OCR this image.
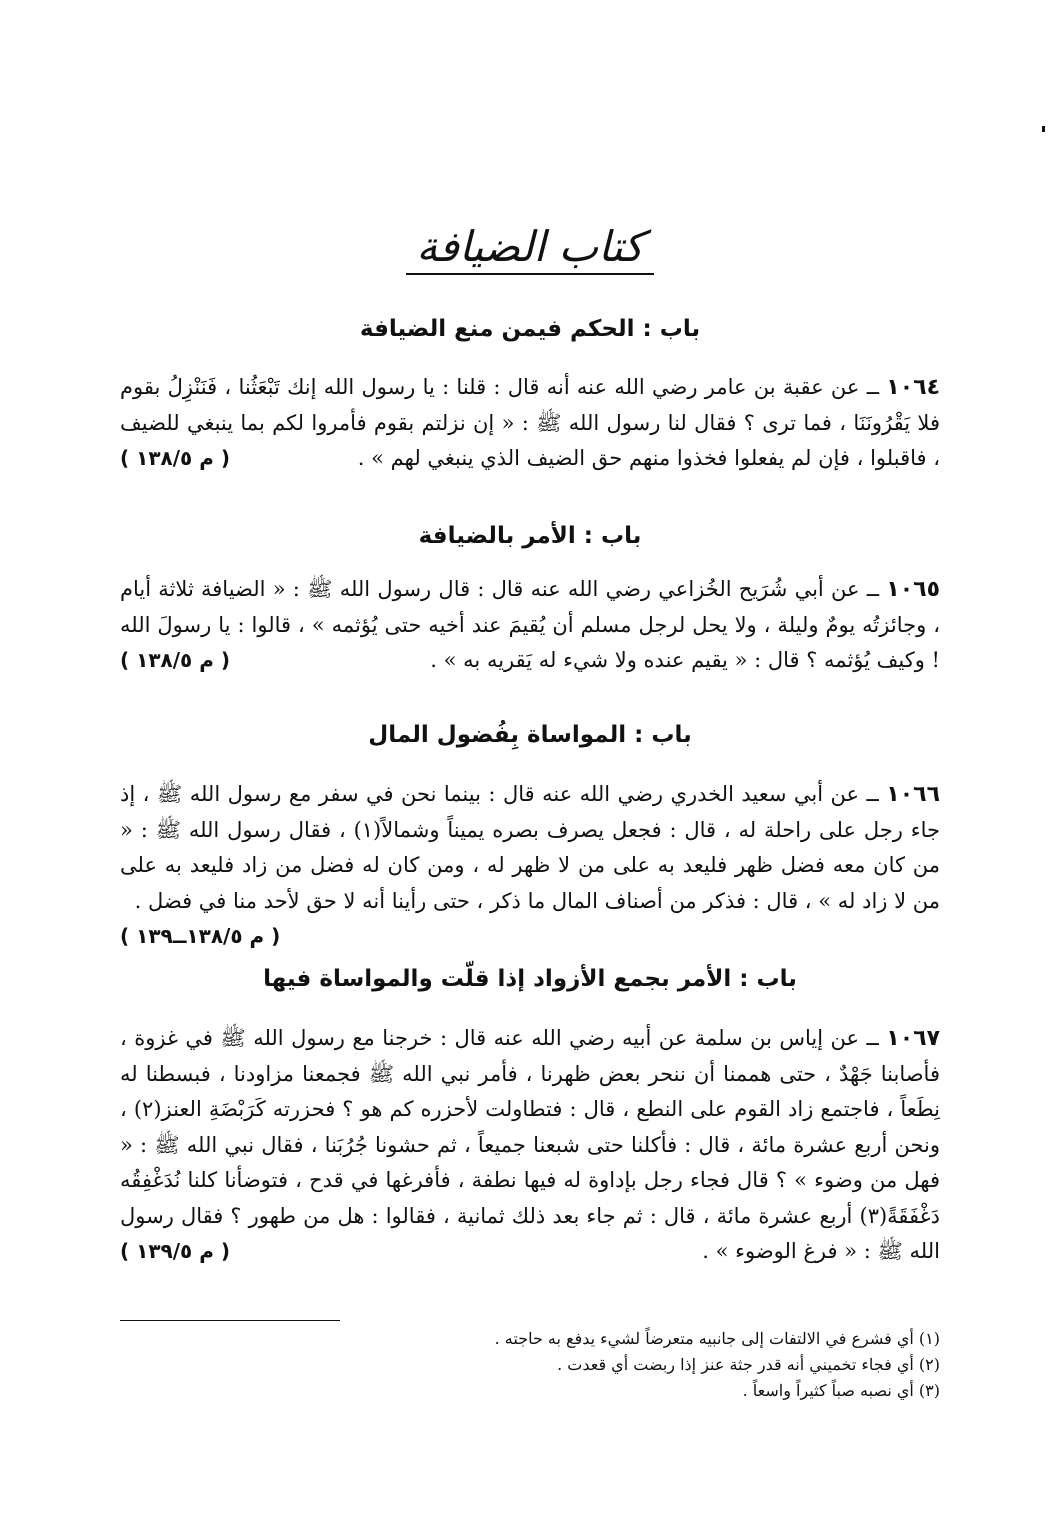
كتاب الضيافة
باب : الحكم فيمن منع الضيافة
١٠٦٤ ــ عن عقبة بن عامر رضي الله عنه أنه قال : قلنا : يا رسول الله إنك تَبْعَثُنا ، فَنَنْزِلُ بقوم فلا يَقْرُونَنَا ، فما ترى ؟ فقال لنا رسول الله ﷺ : « إن نزلتم بقوم فأمروا لكم بما ينبغي للضيف ، فاقبلوا ، فإن لم يفعلوا فخذوا منهم حق الضيف الذي ينبغي لهم » .
( م ١٣٨/٥ )
باب : الأمر بالضيافة
١٠٦٥ ــ عن أبي شُرَيح الخُزاعي رضي الله عنه قال : قال رسول الله ﷺ : « الضيافة ثلاثة أيام ، وجائزتُه يومٌ وليلة ، ولا يحل لرجل مسلم أن يُقيمَ عند أخيه حتى يُؤثمه » ، قالوا : يا رسولَ الله ! وكيف يُؤثمه ؟ قال : « يقيم عنده ولا شيء له يَقريه به » .
( م ١٣٨/٥ )
باب : المواساة بِفُضول المال
١٠٦٦ ــ عن أبي سعيد الخدري رضي الله عنه قال : بينما نحن في سفر مع رسول الله ﷺ ، إذ جاء رجل على راحلة له ، قال : فجعل يصرف بصره يميناً وشمالاً(١) ، فقال رسول الله ﷺ : « من كان معه فضل ظهر فليعد به على من لا ظهر له ، ومن كان له فضل من زاد فليعد به على من لا زاد له » ، قال : فذكر من أصناف المال ما ذكر ، حتى رأينا أنه لا حق لأحد منا في فضل .
( م ١٣٨/٥ــ١٣٩ )
باب : الأمر بجمع الأزواد إذا قلّت والمواساة فيها
١٠٦٧ ــ عن إياس بن سلمة عن أبيه رضي الله عنه قال : خرجنا مع رسول الله ﷺ في غزوة ، فأصابنا جَهْدٌ ، حتى هممنا أن ننحر بعض ظهرنا ، فأمر نبي الله ﷺ فجمعنا مزاودنا ، فبسطنا له نِطَعاً ، فاجتمع زاد القوم على النطع ، قال : فتطاولت لأحزره كم هو ؟ فحزرته كَرَبْضَةِ العنز(٢) ، ونحن أربع عشرة مائة ، قال : فأكلنا حتى شبعنا جميعاً ، ثم حشونا جُرُبَنا ، فقال نبي الله ﷺ : « فهل من وضوء » ؟ قال فجاء رجل بإداوة له فيها نطفة ، فأفرغها في قدح ، فتوضأنا كلنا نُدَغْفِقُه دَغْفَقَةً(٣) أربع عشرة مائة ، قال : ثم جاء بعد ذلك ثمانية ، فقالوا : هل من طهور ؟ فقال رسول الله ﷺ : « فرغ الوضوء » .
( م ١٣٩/٥ )
(١) أي فشرع في الالتفات إلى جانبيه متعرضاً لشيء يدفع به حاجته .
(٢) أي فجاء تخميني أنه قدر جثة عنز إذا ربضت أي قعدت .
(٣) أي نصبه صباً كثيراً واسعاً .
